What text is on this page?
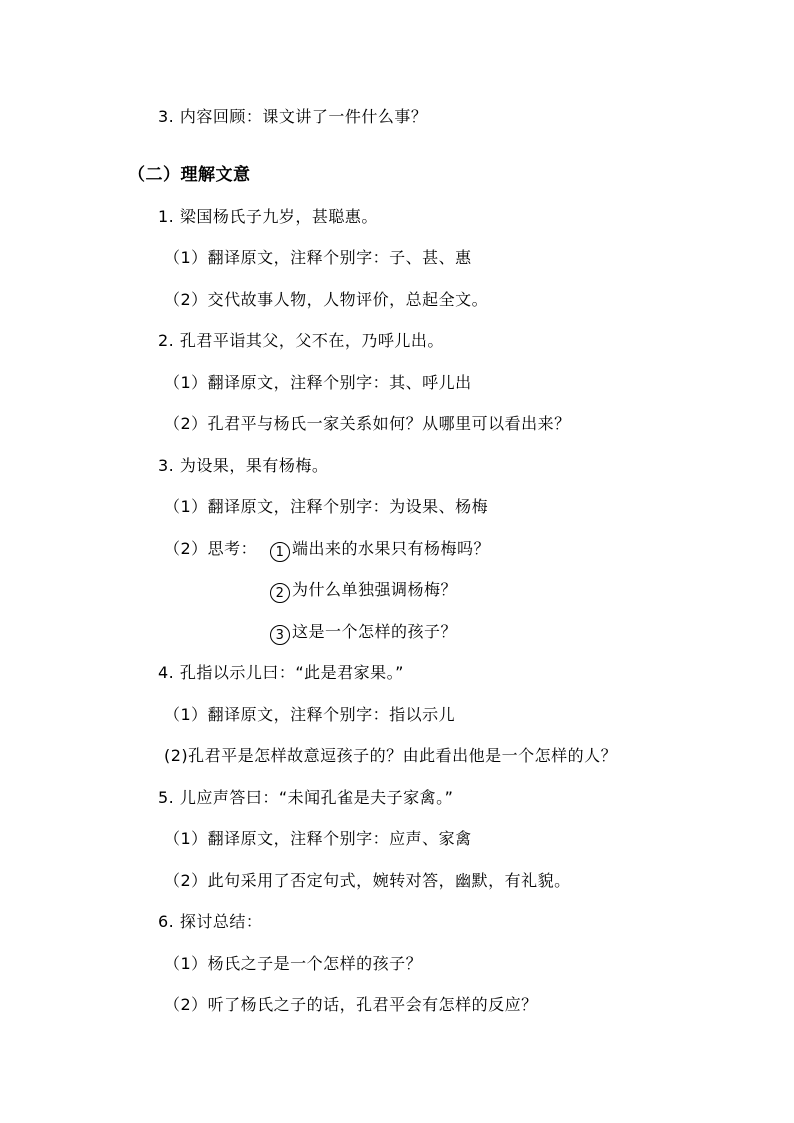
3. 内容回顾：课文讲了一件什么事？
（二）理解文意
1. 梁国杨氏子九岁，甚聪惠。
（1）翻译原文，注释个别字：子、甚、惠
（2）交代故事人物，人物评价，总起全文。
2. 孔君平诣其父，父不在，乃呼儿出。
（1）翻译原文，注释个别字：其、呼儿出
（2）孔君平与杨氏一家关系如何？从哪里可以看出来？
3. 为设果，果有杨梅。
（1）翻译原文，注释个别字：为设果、杨梅
（2）思考：	1 端出来的水果只有杨梅吗？
2 为什么单独强调杨梅？
3 这是一个怎样的孩子？
4. 孔指以示儿曰：“此是君家果。”
（1）翻译原文，注释个别字：指以示儿
(2)孔君平是怎样故意逗孩子的？由此看出他是一个怎样的人？
5. 儿应声答曰：“未闻孔雀是夫子家禽。”
（1）翻译原文，注释个别字：应声、家禽
（2）此句采用了否定句式，婉转对答，幽默，有礼貌。
6. 探讨总结：
（1）杨氏之子是一个怎样的孩子？
（2）听了杨氏之子的话，孔君平会有怎样的反应？
